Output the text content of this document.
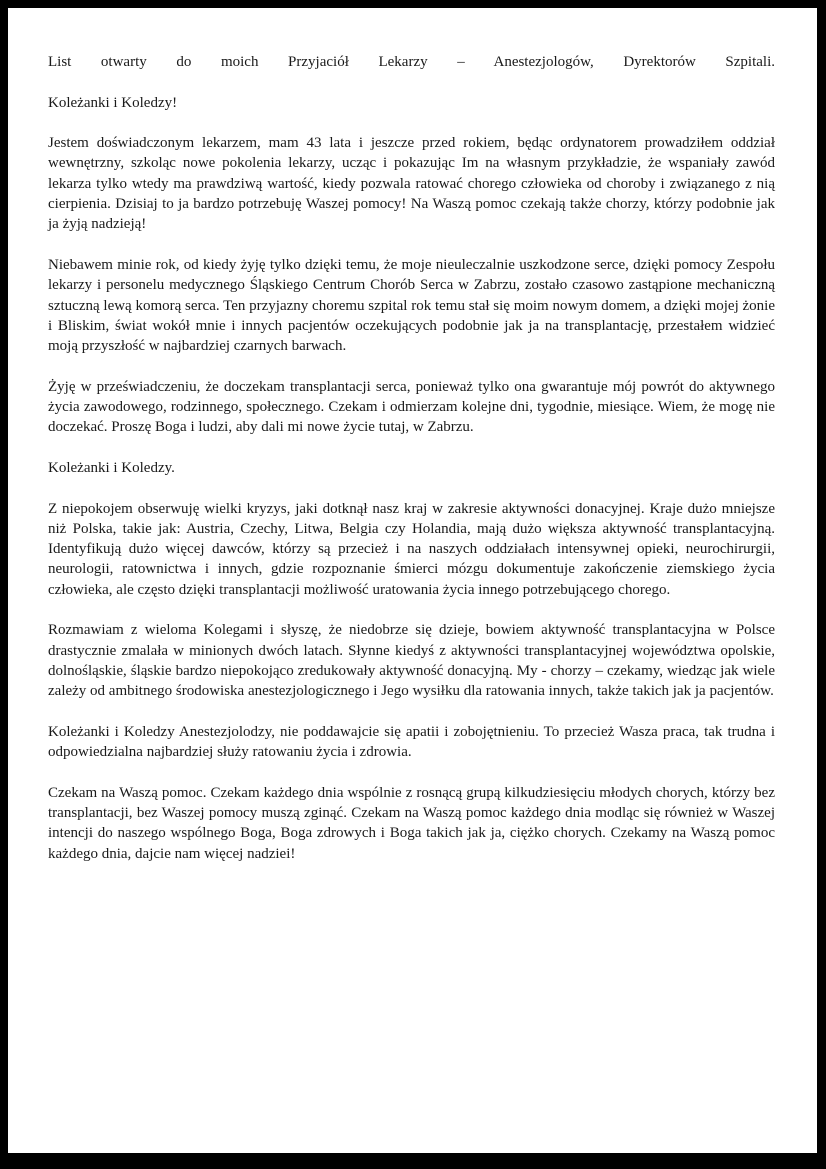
List otwarty do moich Przyjaciół Lekarzy – Anestezjologów, Dyrektorów Szpitali.

Koleżanki i Koledzy!

Jestem doświadczonym lekarzem, mam 43 lata i jeszcze przed rokiem, będąc ordynatorem prowadziłem oddział wewnętrzny, szkoląc nowe pokolenia lekarzy, ucząc i pokazując Im na własnym przykładzie, że wspaniały zawód lekarza tylko wtedy ma prawdziwą wartość, kiedy pozwala ratować chorego człowieka od choroby i związanego z nią cierpienia. Dzisiaj to ja bardzo potrzebuję Waszej pomocy! Na Waszą pomoc czekają także chorzy, którzy podobnie jak ja żyją nadzieją!

Niebawem minie rok, od kiedy żyję tylko dzięki temu, że moje nieuleczalnie uszkodzone serce, dzięki pomocy Zespołu lekarzy i personelu medycznego Śląskiego Centrum Chorób Serca w Zabrzu, zostało czasowo zastąpione mechaniczną sztuczną lewą komorą serca. Ten przyjazny choremu szpital rok temu stał się moim nowym domem, a dzięki mojej żonie i Bliskim, świat wokół mnie i innych pacjentów oczekujących podobnie jak ja na transplantację, przestałem widzieć moją przyszłość w najbardziej czarnych barwach.

Żyję w przeświadczeniu, że doczekam transplantacji serca, ponieważ tylko ona gwarantuje mój powrót do aktywnego życia zawodowego, rodzinnego, społecznego. Czekam i odmierzam kolejne dni, tygodnie, miesiące. Wiem, że mogę nie doczekać. Proszę Boga i ludzi, aby dali mi nowe życie tutaj, w Zabrzu.

Koleżanki i Koledzy.

Z niepokojem obserwuję wielki kryzys, jaki dotknął nasz kraj w zakresie aktywności donacyjnej. Kraje dużo mniejsze niż Polska, takie jak: Austria, Czechy, Litwa, Belgia czy Holandia, mają dużo większa aktywność transplantacyjną. Identyfikują dużo więcej dawców, którzy są przecież i na naszych oddziałach intensywnej opieki, neurochirurgii, neurologii, ratownictwa i innych, gdzie rozpoznanie śmierci mózgu dokumentuje zakończenie ziemskiego życia człowieka, ale często dzięki transplantacji możliwość uratowania życia innego potrzebującego chorego.

Rozmawiam z wieloma Kolegami i słyszę, że niedobrze się dzieje, bowiem aktywność transplantacyjna w Polsce drastycznie zmalała w minionych dwóch latach. Słynne kiedyś z aktywności transplantacyjnej województwa opolskie, dolnośląskie, śląskie bardzo niepokojąco zredukowały aktywność donacyjną. My - chorzy – czekamy, wiedząc jak wiele zależy od ambitnego środowiska anestezjologicznego i Jego wysiłku dla ratowania innych, także takich jak ja pacjentów.

Koleżanki i Koledzy Anestezjolodzy, nie poddawajcie się apatii i zobojętnieniu. To przecież Wasza praca, tak trudna i odpowiedzialna najbardziej służy ratowaniu życia i zdrowia.

Czekam na Waszą pomoc. Czekam każdego dnia wspólnie z rosnącą grupą kilkudziesięciu młodych chorych, którzy bez transplantacji, bez Waszej pomocy muszą zginąć. Czekam na Waszą pomoc każdego dnia modląc się również w Waszej intencji do naszego wspólnego Boga, Boga zdrowych i Boga takich jak ja, ciężko chorych. Czekamy na Waszą pomoc każdego dnia, dajcie nam więcej nadziei!
